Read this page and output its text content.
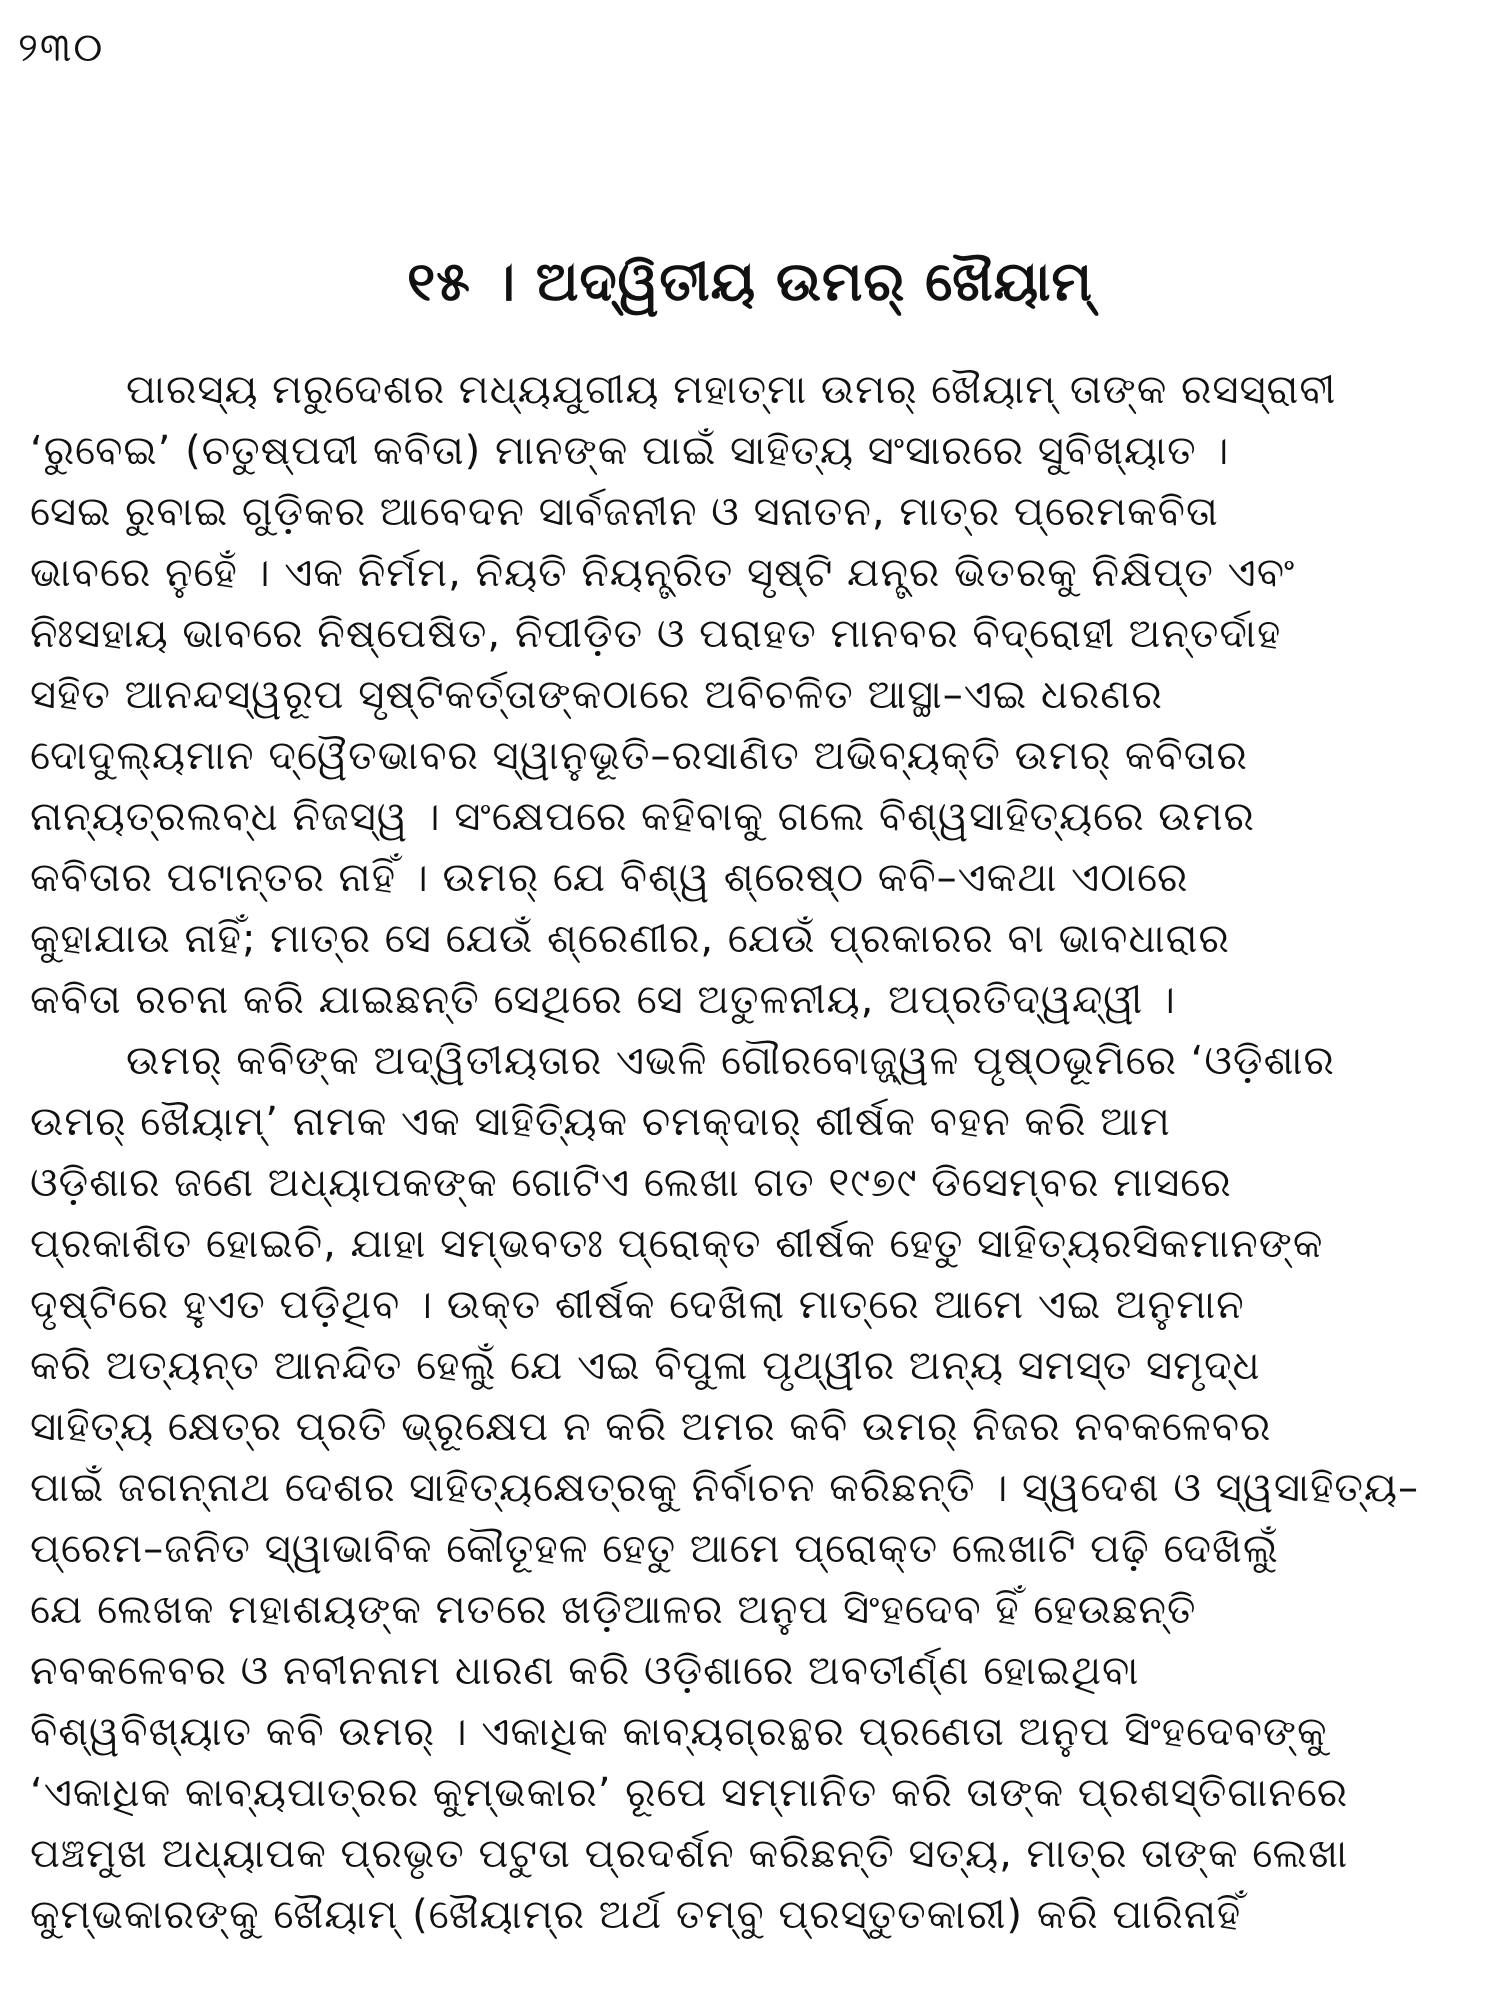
୨୩୦
୧୫ । ଅଦ୍ୱିତୀୟ ଉମର୍ ଖୈୟାମ୍
ପାରସ୍ୟ ମରୁଦେଶର ମଧ୍ୟଯୁଗୀୟ ମହାତ୍ମା ଉମର୍ ଖୈୟାମ୍ ତାଙ୍କ ରସସ୍ରାବୀ
‘ରୁବେଇ’ (ଚତୁଷ୍ପଦୀ କବିତା) ମାନଙ୍କ ପାଇଁ ସାହିତ୍ୟ ସଂସାରରେ ସୁବିଖ୍ୟାତ ।
ସେଇ ରୁବାଇ ଗୁଡ଼ିକର ଆବେଦନ ସାର୍ବଜନୀନ ଓ ସନାତନ, ମାତ୍ର ପ୍ରେମକବିତା
ଭାବରେ ନୁହେଁ । ଏକ ନିର୍ମମ, ନିୟତି ନିୟନ୍ତ୍ରିତ ସୃଷ୍ଟି ଯନ୍ତ୍ର ଭିତରକୁ ନିକ୍ଷିପ୍ତ ଏବଂ
ନିଃସହାୟ ଭାବରେ ନିଷ୍ପେଷିତ, ନିପୀଡ଼ିତ ଓ ପରାହତ ମାନବର ବିଦ୍ରୋହୀ ଅନ୍ତର୍ଦାହ
ସହିତ ଆନନ୍ଦସ୍ୱରୂପ ସୃଷ୍ଟିକର୍ତ୍ତାଙ୍କଠାରେ ଅବିଚଳିତ ଆସ୍ଥା–ଏଇ ଧରଣର
ଦୋଦୁଲ୍ୟମାନ ଦ୍ୱୈତଭାବର ସ୍ୱାନୁଭୂତି–ରସାଣିତ ଅଭିବ୍ୟକ୍ତି ଉମର୍ କବିତାର
ନାନ୍ୟତ୍ରଲବ୍ଧ ନିଜସ୍ୱ । ସଂକ୍ଷେପରେ କହିବାକୁ ଗଲେ ବିଶ୍ୱସାହିତ୍ୟରେ ଉମର
କବିତାର ପଟାନ୍ତର ନାହିଁ । ଉମର୍ ଯେ ବିଶ୍ୱ ଶ୍ରେଷ୍ଠ କବି–ଏକଥା ଏଠାରେ
କୁହାଯାଉ ନାହିଁ; ମାତ୍ର ସେ ଯେଉଁ ଶ୍ରେଣୀର, ଯେଉଁ ପ୍ରକାରର ବା ଭାବଧାରାର
କବିତା ରଚନା କରି ଯାଇଛନ୍ତି ସେଥିରେ ସେ ଅତୁଳନୀୟ, ଅପ୍ରତିଦ୍ୱନ୍ଦ୍ୱୀ ।
ଉମର୍ କବିଙ୍କ ଅଦ୍ୱିତୀୟତାର ଏଭଳି ଗୌରବୋଜ୍ଜ୍ୱଳ ପୃଷ୍ଠଭୂମିରେ ‘ଓଡ଼ିଶାର
ଉମର୍ ଖୈୟାମ୍’ ନାମକ ଏକ ସାହିତ୍ୟିକ ଚମକ୍‌ଦାର୍ ଶୀର୍ଷକ ବହନ କରି ଆମ
ଓଡ଼ିଶାର ଜଣେ ଅଧ୍ୟାପକଙ୍କ ଗୋଟିଏ ଲେଖା ଗତ ୧୯୭୯ ଡିସେମ୍ବର ମାସରେ
ପ୍ରକାଶିତ ହୋଇଚି, ଯାହା ସମ୍ଭବତଃ ପ୍ରୋକ୍ତ ଶୀର୍ଷକ ହେତୁ ସାହିତ୍ୟରସିକମାନଙ୍କ
ଦୃଷ୍ଟିରେ ହୁଏତ ପଡ଼ିଥିବ । ଉକ୍ତ ଶୀର୍ଷକ ଦେଖିଲା ମାତ୍ରେ ଆମେ ଏଇ ଅନୁମାନ
କରି ଅତ୍ୟନ୍ତ ଆନନ୍ଦିତ ହେଲୁଁ ଯେ ଏଇ ବିପୁଳା ପୃଥ୍ୱୀର ଅନ୍ୟ ସମସ୍ତ ସମୃଦ୍ଧ
ସାହିତ୍ୟ କ୍ଷେତ୍ର ପ୍ରତି ଭ୍ରୂକ୍ଷେପ ନ କରି ଅମର କବି ଉମର୍ ନିଜର ନବକଳେବର
ପାଇଁ ଜଗନ୍ନାଥ ଦେଶର ସାହିତ୍ୟକ୍ଷେତ୍ରକୁ ନିର୍ବାଚନ କରିଛନ୍ତି । ସ୍ୱଦେଶ ଓ ସ୍ୱସାହିତ୍ୟ–
ପ୍ରେମ–ଜନିତ ସ୍ୱାଭାବିକ କୌତୂହଳ ହେତୁ ଆମେ ପ୍ରୋକ୍ତ ଲେଖାଟି ପଢ଼ି ଦେଖିଲୁଁ
ଯେ ଲେଖକ ମହାଶୟଙ୍କ ମତରେ ଖଡ଼ିଆଳର ଅନୁପ ସିଂହଦେବ ହିଁ ହେଉଛନ୍ତି
ନବକଳେବର ଓ ନବୀନନାମ ଧାରଣ କରି ଓଡ଼ିଶାରେ ଅବତୀର୍ଣ୍ଣ ହୋଇଥିବା
ବିଶ୍ୱବିଖ୍ୟାତ କବି ଉମର୍ । ଏକାଧିକ କାବ୍ୟଗ୍ରନ୍ଥର ପ୍ରଣେତା ଅନୁପ ସିଂହଦେବଙ୍କୁ
‘ଏକାଧିକ କାବ୍ୟପାତ୍ରର କୁମ୍ଭକାର’ ରୂପେ ସମ୍ମାନିତ କରି ତାଙ୍କ ପ୍ରଶସ୍ତିଗାନରେ
ପଞ୍ଚମୁଖ ଅଧ୍ୟାପକ ପ୍ରଭୃତ ପଟୁତା ପ୍ରଦର୍ଶନ କରିଛନ୍ତି ସତ୍ୟ, ମାତ୍ର ତାଙ୍କ ଲେଖା
କୁମ୍ଭକାରଙ୍କୁ ଖୈୟାମ୍ (ଖୈୟାମ୍‌ର ଅର୍ଥ ତମ୍ବୁ ପ୍ରସ୍ତୁତକାରୀ) କରି ପାରିନାହିଁ
